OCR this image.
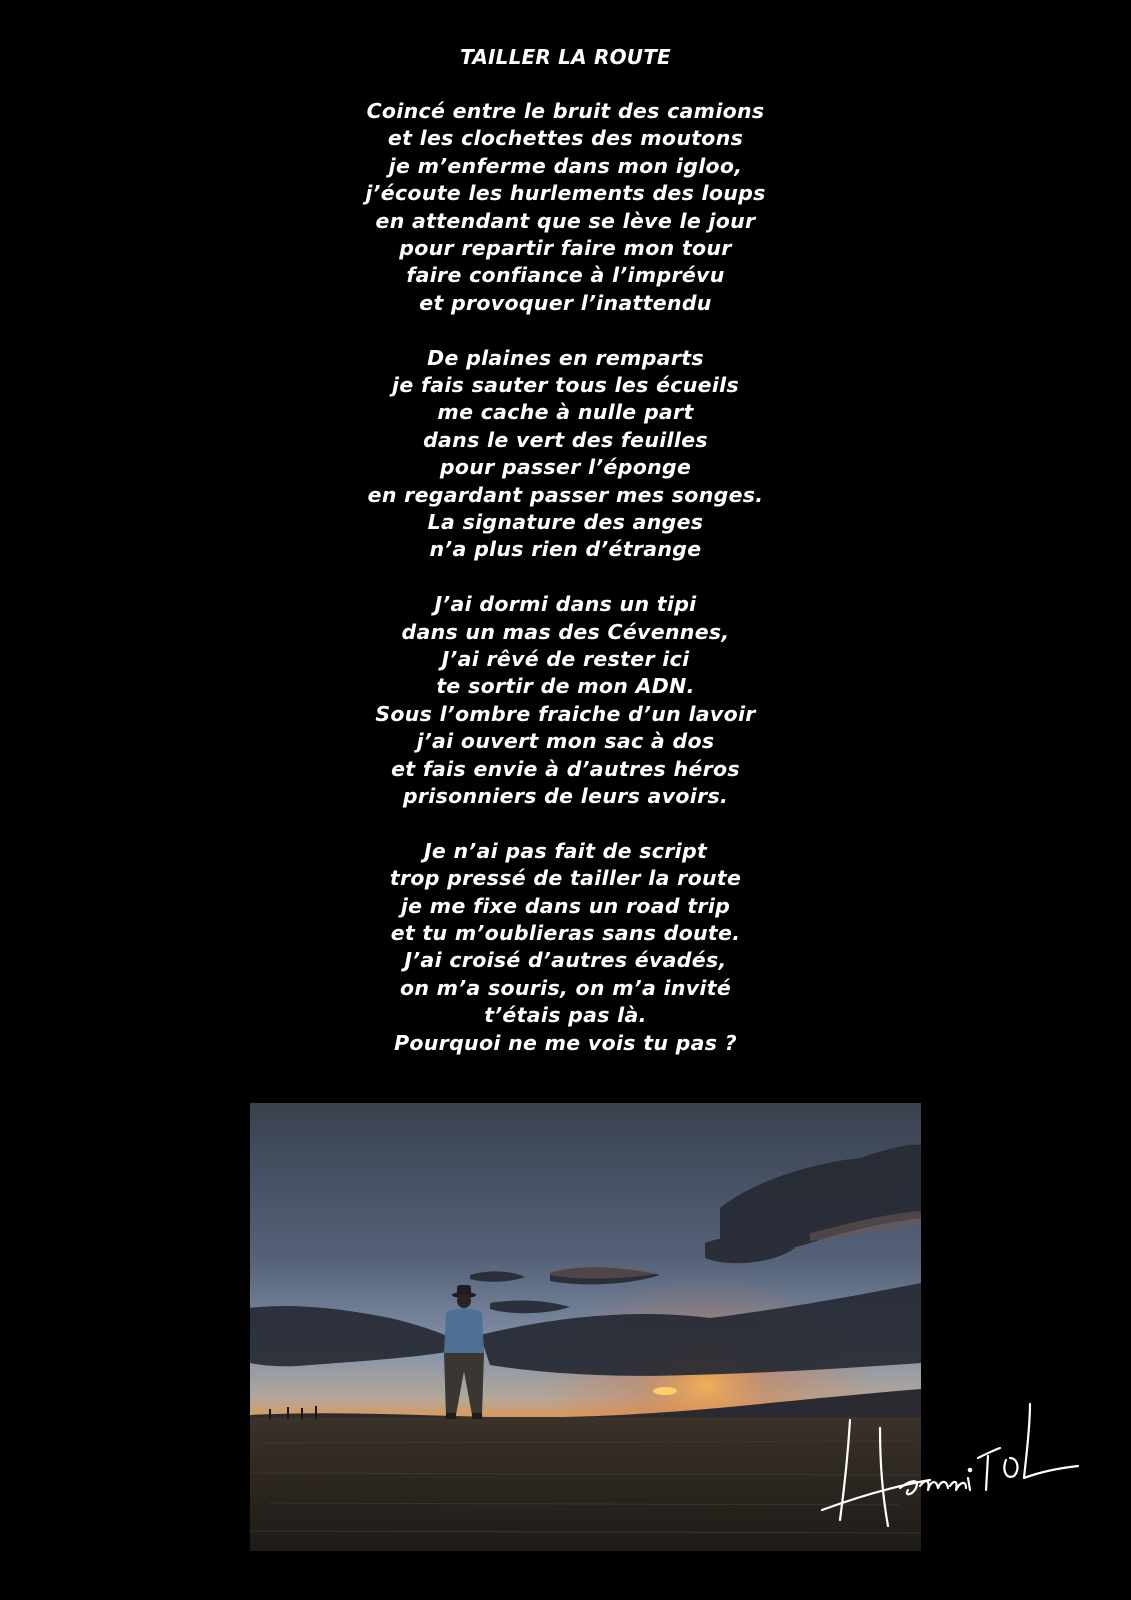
TAILLER LA ROUTE
Coincé entre le bruit des camions
et les clochettes des moutons
je m’enferme dans mon igloo,
j’écoute les hurlements des loups
en attendant que se lève le jour
pour repartir faire mon tour
faire confiance à l’imprévu
et provoquer l’inattendu
De plaines en remparts
je fais sauter tous les écueils
me cache à nulle part
dans le vert des feuilles
pour passer l’éponge
en regardant passer mes songes.
La signature des anges
n’a plus rien d’étrange
J’ai dormi dans un tipi
dans un mas des Cévennes,
J’ai rêvé de rester ici
te sortir de mon ADN.
Sous l’ombre fraiche d’un lavoir
j’ai ouvert mon sac à dos
et fais envie à d’autres héros
prisonniers de leurs avoirs.
Je n’ai pas fait de script
trop pressé de tailler la route
je me fixe dans un road trip
et tu m’oublieras sans doute.
J’ai croisé d’autres évadés,
on m’a souris, on m’a invité
t’étais pas là.
Pourquoi ne me vois tu pas ?
